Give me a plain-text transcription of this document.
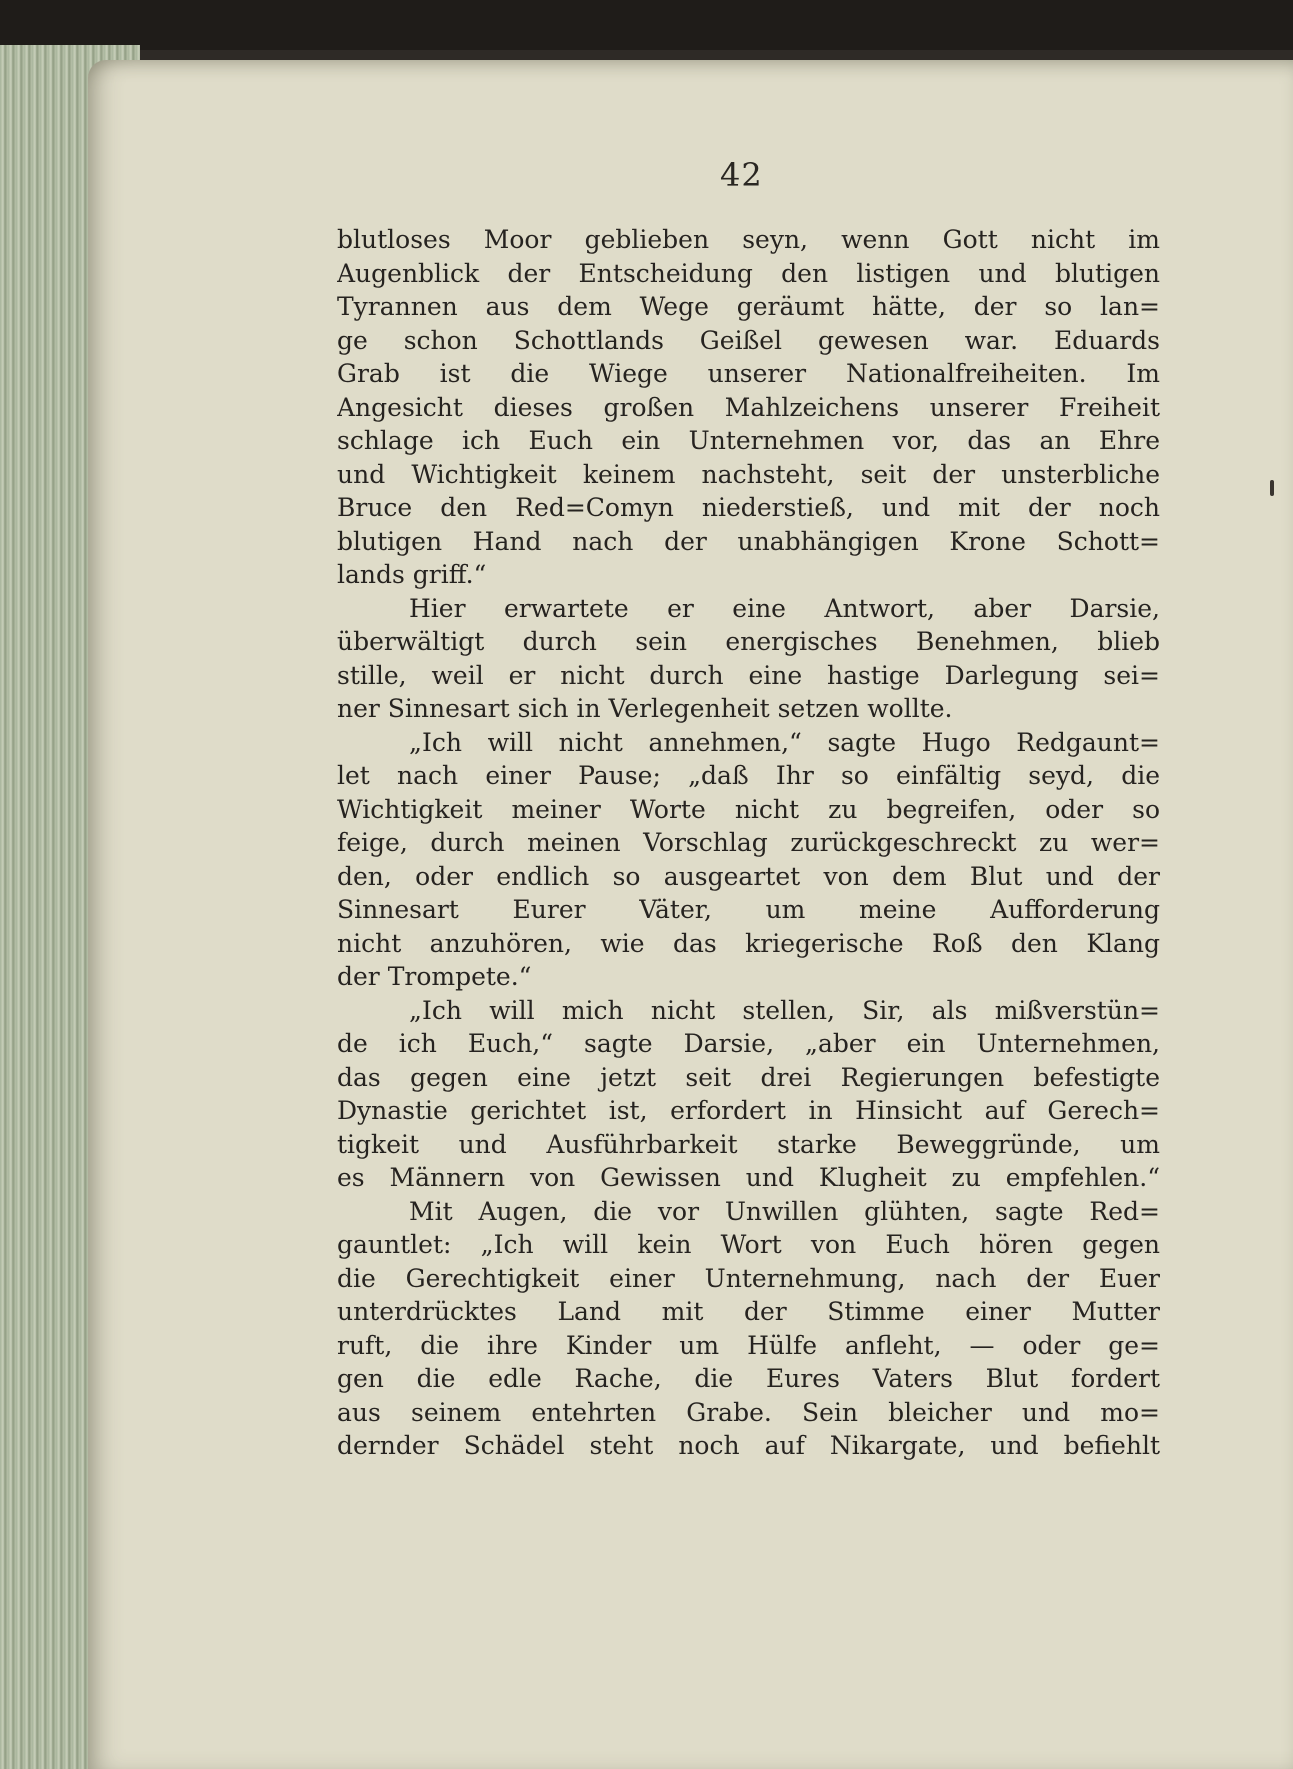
42
blutloses Moor geblieben seyn, wenn Gott nicht im
Augenblick der Entscheidung den listigen und blutigen
Tyrannen aus dem Wege geräumt hätte, der so lan=
ge schon Schottlands Geißel gewesen war. Eduards
Grab ist die Wiege unserer Nationalfreiheiten. Im
Angesicht dieses großen Mahlzeichens unserer Freiheit
schlage ich Euch ein Unternehmen vor, das an Ehre
und Wichtigkeit keinem nachsteht, seit der unsterbliche
Bruce den Red=Comyn niederstieß, und mit der noch
blutigen Hand nach der unabhängigen Krone Schott=
lands griff.“
Hier erwartete er eine Antwort, aber Darsie,
überwältigt durch sein energisches Benehmen, blieb
stille, weil er nicht durch eine hastige Darlegung sei=
ner Sinnesart sich in Verlegenheit setzen wollte.
„Ich will nicht annehmen,“ sagte Hugo Redgaunt=
let nach einer Pause; „daß Ihr so einfältig seyd, die
Wichtigkeit meiner Worte nicht zu begreifen, oder so
feige, durch meinen Vorschlag zurückgeschreckt zu wer=
den, oder endlich so ausgeartet von dem Blut und der
Sinnesart Eurer Väter, um meine Aufforderung
nicht anzuhören, wie das kriegerische Roß den Klang
der Trompete.“
„Ich will mich nicht stellen, Sir, als mißverstün=
de ich Euch,“ sagte Darsie, „aber ein Unternehmen,
das gegen eine jetzt seit drei Regierungen befestigte
Dynastie gerichtet ist, erfordert in Hinsicht auf Gerech=
tigkeit und Ausführbarkeit starke Beweggründe, um
es Männern von Gewissen und Klugheit zu empfehlen.“
Mit Augen, die vor Unwillen glühten, sagte Red=
gauntlet: „Ich will kein Wort von Euch hören gegen
die Gerechtigkeit einer Unternehmung, nach der Euer
unterdrücktes Land mit der Stimme einer Mutter
ruft, die ihre Kinder um Hülfe anfleht, — oder ge=
gen die edle Rache, die Eures Vaters Blut fordert
aus seinem entehrten Grabe. Sein bleicher und mo=
dernder Schädel steht noch auf Nikargate, und befiehlt
